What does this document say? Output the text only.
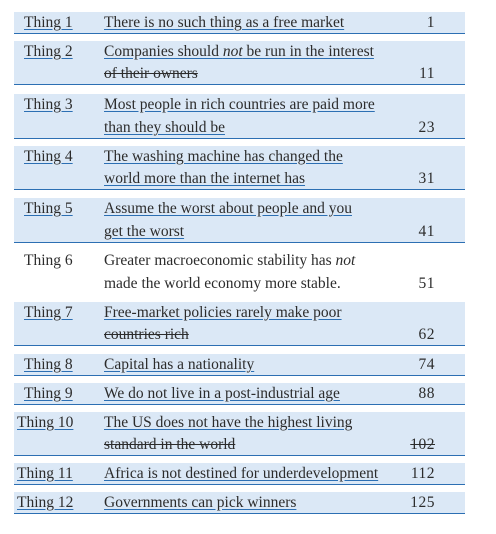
Thing 1 There is no such thing as a free market	1
Thing 2 Companies should not be run in the interest
of their owners	11
Thing 3 Most people in rich countries are paid more
than they should be	23
Thing 4 The washing machine has changed the
world more than the internet has	31
Thing 5 Assume the worst about people and you
get the worst	41
Thing 6 Greater macroeconomic stability has not
made the world economy more stable.	51
Thing 7 Free-market policies rarely make poor
countries rich	62
Thing 8 Capital has a nationality	74
Thing 9 We do not live in a post-industrial age	88
Thing 10 The US does not have the highest living
standard in the world	102
Thing 11 Africa is not destined for underdevelopment 112
Thing 12 Governments can pick winners	125
